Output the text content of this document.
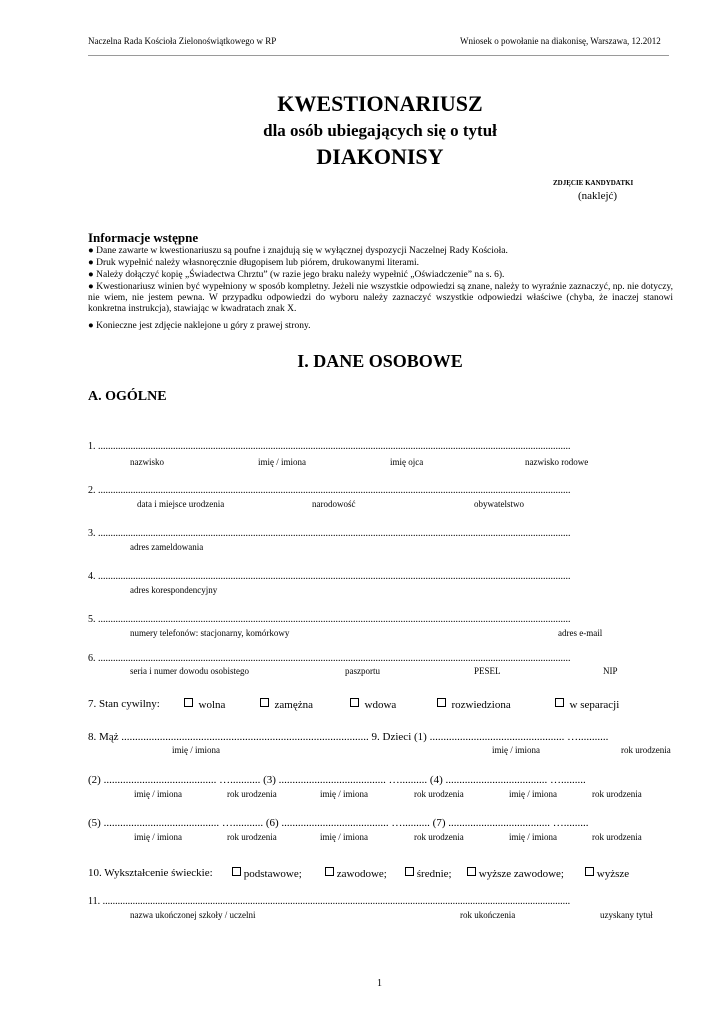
Naczelna Rada Kościoła Zielonoświątkowego w RP	Wniosek o powołanie na diakonisę, Warszawa, 12.2012
KWESTIONARIUSZ
dla osób ubiegających się o tytuł
DIAKONISY
ZDJĘCIE KANDYDATKI
(naklejć)
Informacje wstępne
● Dane zawarte w kwestionariuszu są poufne i znajdują się w wyłącznej dyspozycji Naczelnej Rady Kościoła.
● Druk wypełnić należy własnoręcznie długopisem lub piórem, drukowanymi literami.
● Należy dołączyć kopię „Świadectwa Chrztu” (w razie jego braku należy wypełnić „Oświadczenie” na s. 6).
● Kwestionariusz winien być wypełniony w sposób kompletny. Jeżeli nie wszystkie odpowiedzi są znane, należy to wyraźnie zaznaczyć, np. nie dotyczy, nie wiem, nie jestem pewna. W przypadku odpowiedzi do wyboru należy zaznaczyć wszystkie odpowiedzi właściwe (chyba, że inaczej stanowi konkretna instrukcja), stawiając w kwadratach znak X.
● Konieczne jest zdjęcie naklejone u góry z prawej strony.
I. DANE OSOBOWE
A. OGÓLNE
1. .............................................................................................................................................................................................
nazwisko	imię / imiona	imię ojca	nazwisko rodowe
2. .............................................................................................................................................................................................
data i miejsce urodzenia	narodowość	obywatelstwo
3. .............................................................................................................................................................................................
adres zameldowania
4. .............................................................................................................................................................................................
adres korespondencyjny
5. .............................................................................................................................................................................................
numery telefonów: stacjonarny, komórkowy	adres e-mail
6. .............................................................................................................................................................................................
seria i numer dowodu osobistego	paszportu	PESEL	NIP
7. Stan cywilny:	wolna	zamężna	wdowa	rozwiedziona	w separacji
8. Mąż .......................................................................................... 9. Dzieci (1) ................................................. …...........
imię / imiona	imię / imiona	rok urodzenia
(2) ......................................... …........... (3) ....................................... ….......... (4) ..................................... ….........
imię / imiona	rok urodzenia	imię / imiona	rok urodzenia	imię / imiona	rok urodzenia
(5) .......................................... …........... (6) ....................................... ….......... (7) ..................................... ….........
imię / imiona	rok urodzenia	imię / imiona	rok urodzenia	imię / imiona	rok urodzenia
10. Wykształcenie świeckie:	podstawowe;	zawodowe;	średnie;	wyższe zawodowe;	wyższe
11. ...........................................................................................................................................................................................
nazwa ukończonej szkoły / uczelni	rok ukończenia	uzyskany tytuł
1
